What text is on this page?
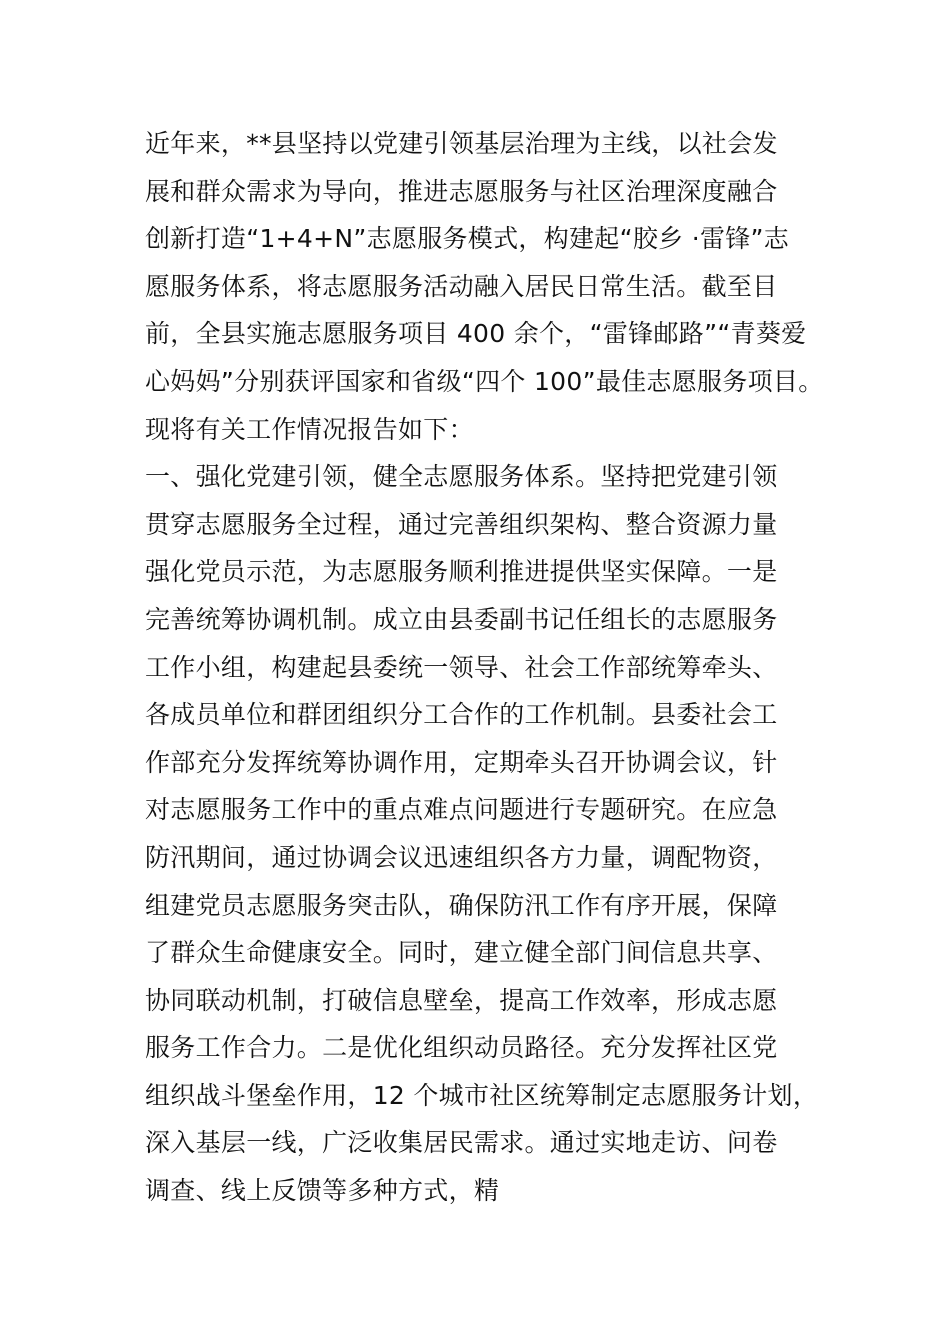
近年来，**县坚持以党建引领基层治理为主线，以社会发
展和群众需求为导向，推进志愿服务与社区治理深度融合
创新打造“1+4+N”志愿服务模式，构建起“胶乡 ·雷锋”志
愿服务体系，将志愿服务活动融入居民日常生活。截至目
前，全县实施志愿服务项目 400 余个，“雷锋邮路”“青葵爱
心妈妈”分别获评国家和省级“四个 100”最佳志愿服务项目。
现将有关工作情况报告如下：
一、强化党建引领，健全志愿服务体系。坚持把党建引领
贯穿志愿服务全过程，通过完善组织架构、整合资源力量
强化党员示范，为志愿服务顺利推进提供坚实保障。一是
完善统筹协调机制。成立由县委副书记任组长的志愿服务
工作小组，构建起县委统一领导、社会工作部统筹牵头、
各成员单位和群团组织分工合作的工作机制。县委社会工
作部充分发挥统筹协调作用，定期牵头召开协调会议，针
对志愿服务工作中的重点难点问题进行专题研究。在应急
防汛期间，通过协调会议迅速组织各方力量，调配物资，
组建党员志愿服务突击队，确保防汛工作有序开展，保障
了群众生命健康安全。同时，建立健全部门间信息共享、
协同联动机制，打破信息壁垒，提高工作效率，形成志愿
服务工作合力。二是优化组织动员路径。充分发挥社区党
组织战斗堡垒作用，12 个城市社区统筹制定志愿服务计划，
深入基层一线，广泛收集居民需求。通过实地走访、问卷
调查、线上反馈等多种方式，精
